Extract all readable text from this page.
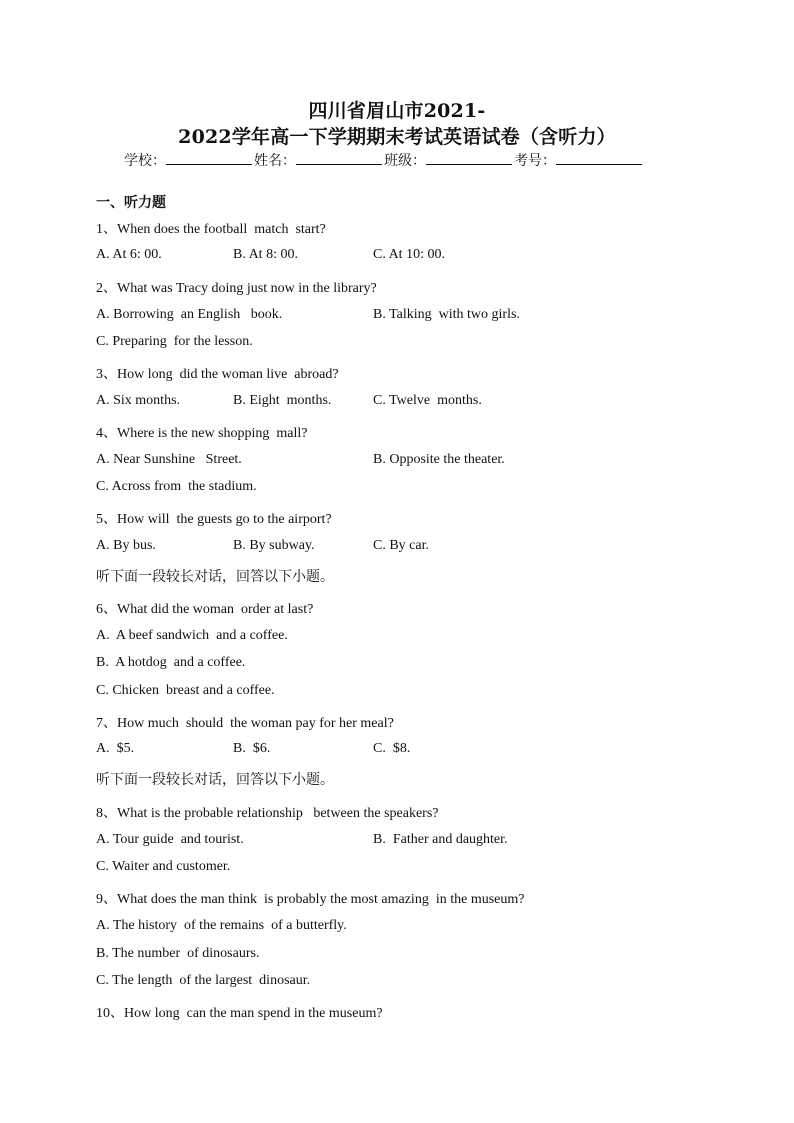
四川省眉山市2021-
2022学年高一下学期期末考试英语试卷（含听力）
学校：	姓名：	班级：	考号：
一、听力题
1、When does the football  match  start?
A. At 6: 00.	B. At 8: 00.	C. At 10: 00.
2、What was Tracy doing just now in the library?
A. Borrowing  an English   book.	B. Talking  with two girls.
C. Preparing  for the lesson.
3、How long  did the woman live  abroad?
A. Six months.	B. Eight  months.	C. Twelve  months.
4、Where is the new shopping  mall?
A. Near Sunshine   Street.	B. Opposite the theater.
C. Across from  the stadium.
5、How will  the guests go to the airport?
A. By bus.	B. By subway.	C. By car.
听下面一段较长对话，回答以下小题。
6、What did the woman  order at last?
A.  A beef sandwich  and a coffee.
B.  A hotdog  and a coffee.
C. Chicken  breast and a coffee.
7、How much  should  the woman pay for her meal?
A.  $5.	B.  $6.	C.  $8.
听下面一段较长对话，回答以下小题。
8、What is the probable relationship   between the speakers?
A. Tour guide  and tourist.	B.  Father and daughter.
C. Waiter and customer.
9、What does the man think  is probably the most amazing  in the museum?
A. The history  of the remains  of a butterfly.
B. The number  of dinosaurs.
C. The length  of the largest  dinosaur.
10、How long  can the man spend in the museum?
